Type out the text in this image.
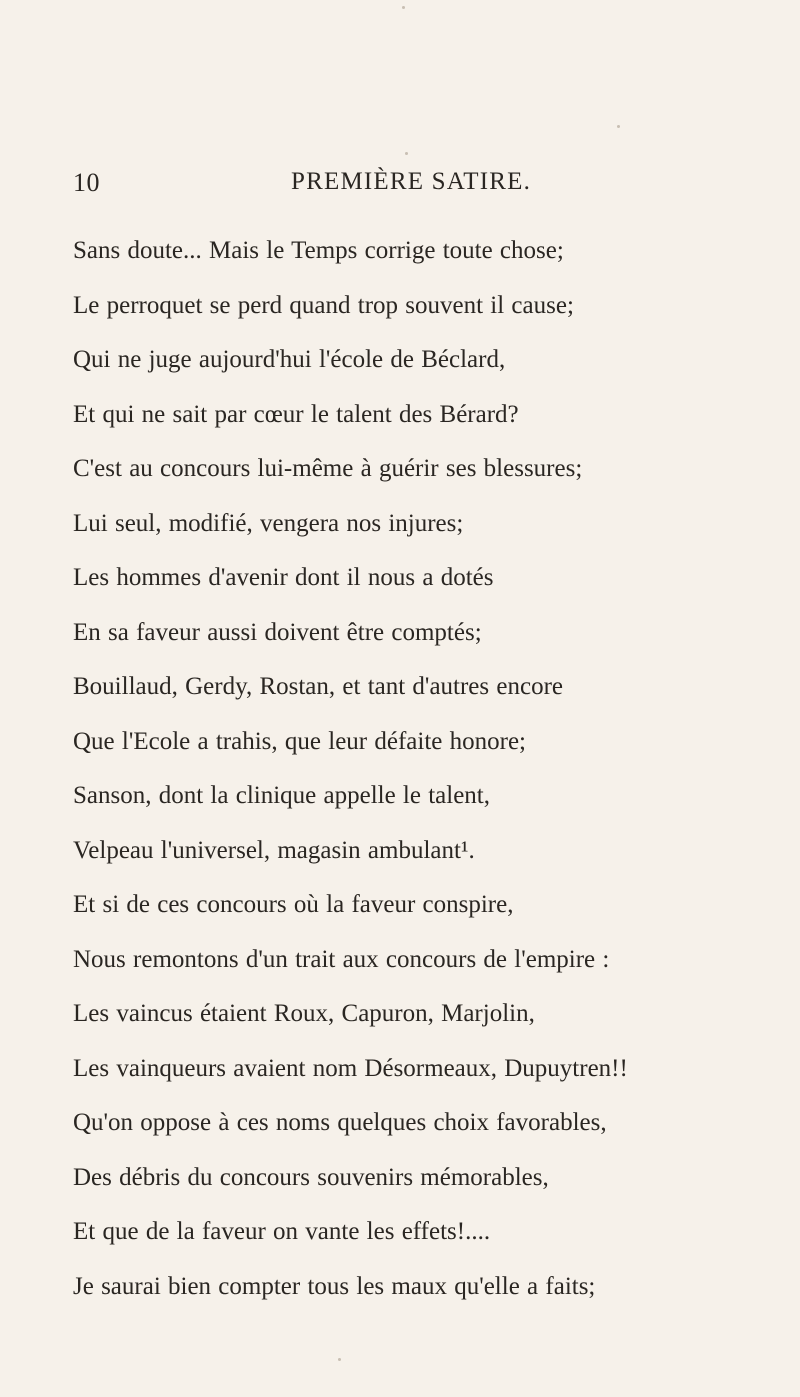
10	PREMIÈRE SATIRE.
Sans doute... Mais le Temps corrige toute chose;
Le perroquet se perd quand trop souvent il cause;
Qui ne juge aujourd'hui l'école de Béclard,
Et qui ne sait par cœur le talent des Bérard?
C'est au concours lui-même à guérir ses blessures;
Lui seul, modifié, vengera nos injures;
Les hommes d'avenir dont il nous a dotés
En sa faveur aussi doivent être comptés;
Bouillaud, Gerdy, Rostan, et tant d'autres encore
Que l'Ecole a trahis, que leur défaite honore;
Sanson, dont la clinique appelle le talent,
Velpeau l'universel, magasin ambulant¹.
Et si de ces concours où la faveur conspire,
Nous remontons d'un trait aux concours de l'empire :
Les vaincus étaient Roux, Capuron, Marjolin,
Les vainqueurs avaient nom Désormeaux, Dupuytren!!
Qu'on oppose à ces noms quelques choix favorables,
Des débris du concours souvenirs mémorables,
Et que de la faveur on vante les effets!....
Je saurai bien compter tous les maux qu'elle a faits;
